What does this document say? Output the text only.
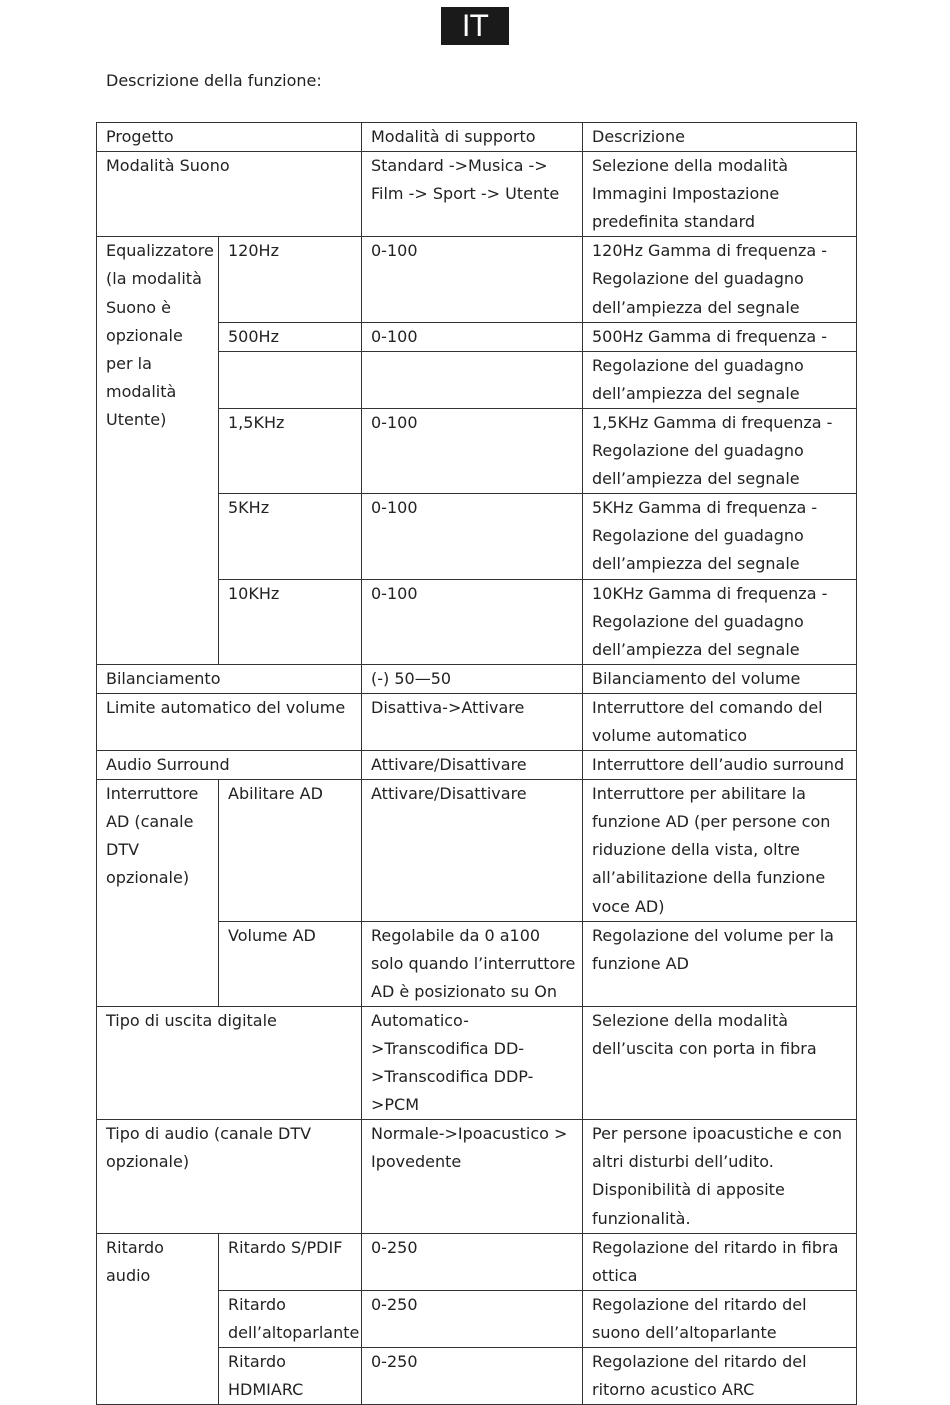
IT
Descrizione della funzione:
Progetto		Modalità di supporto	Descrizione
Modalità Suono		Standard ->Musica -> Film -> Sport -> Utente	Selezione della modalità Immagini Impostazione predefinita standard
Equalizzatore (la modalità Suono è opzionale per la modalità Utente)	120Hz	0-100	120Hz Gamma di frequenza - Regolazione del guadagno dell’ampiezza del segnale
	500Hz	0-100	500Hz Gamma di frequenza -
			Regolazione del guadagno dell’ampiezza del segnale
	1,5KHz	0-100	1,5KHz Gamma di frequenza - Regolazione del guadagno dell’ampiezza del segnale
	5KHz	0-100	5KHz Gamma di frequenza - Regolazione del guadagno dell’ampiezza del segnale
	10KHz	0-100	10KHz Gamma di frequenza - Regolazione del guadagno dell’ampiezza del segnale
Bilanciamento		(-) 50—50	Bilanciamento del volume
Limite automatico del volume		Disattiva->Attivare	Interruttore del comando del volume automatico
Audio Surround		Attivare/Disattivare	Interruttore dell’audio surround
Interruttore AD (canale DTV opzionale)	Abilitare AD	Attivare/Disattivare	Interruttore per abilitare la funzione AD (per persone con riduzione della vista, oltre all’abilitazione della funzione voce AD)
	Volume AD	Regolabile da 0 a100 solo quando l’interruttore AD è posizionato su On	Regolazione del volume per la funzione AD
Tipo di uscita digitale		Automatico->Transcodifica DD->Transcodifica DDP->PCM	Selezione della modalità dell’uscita con porta in fibra
Tipo di audio (canale DTV opzionale)		Normale->Ipoacustico > Ipovedente	Per persone ipoacustiche e con altri disturbi dell’udito. Disponibilità di apposite funzionalità.
Ritardo audio	Ritardo S/PDIF	0-250	Regolazione del ritardo in fibra ottica
	Ritardo dell’altoparlante	0-250	Regolazione del ritardo del suono dell’altoparlante
	Ritardo HDMIARC	0-250	Regolazione del ritardo del ritorno acustico ARC
